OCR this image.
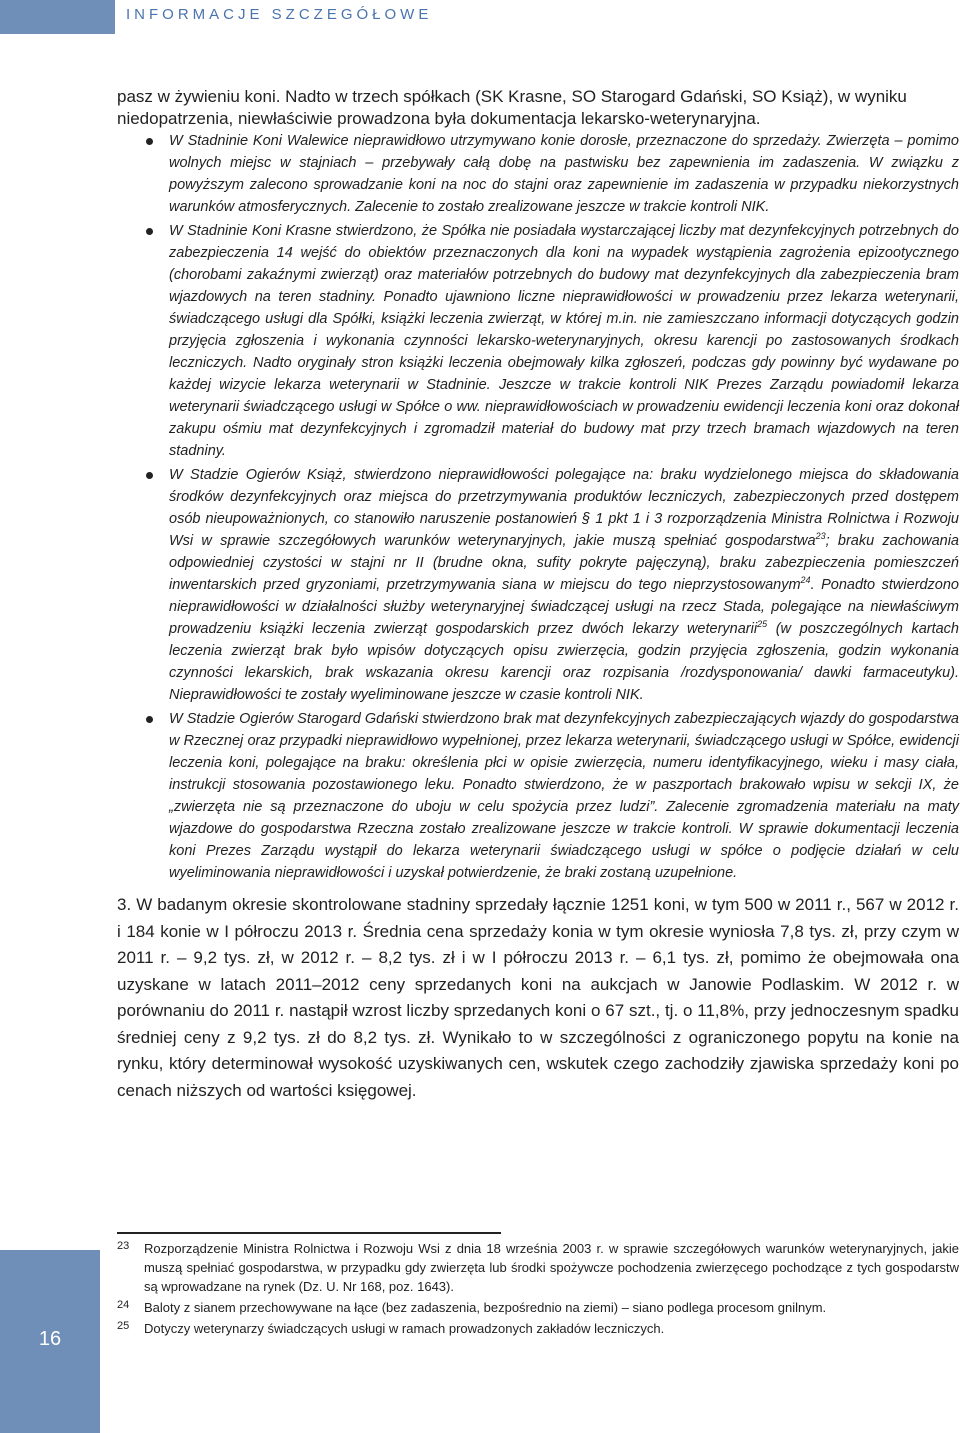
INFORMACJE SZCZEGÓŁOWE

pasz w żywieniu koni. Nadto w trzech spółkach (SK Krasne, SO Starogard Gdański, SO Książ), w wyniku niedopatrzenia, niewłaściwie prowadzona była dokumentacja lekarsko-weterynaryjna.

W Stadninie Koni Walewice nieprawidłowo utrzymywano konie dorosłe, przeznaczone do sprzedaży. Zwierzęta – pomimo wolnych miejsc w stajniach – przebywały całą dobę na pastwisku bez zapewnienia im zadaszenia. W związku z powyższym zalecono sprowadzanie koni na noc do stajni oraz zapewnienie im zadaszenia w przypadku niekorzystnych warunków atmosferycznych. Zalecenie to zostało zrealizowane jeszcze w trakcie kontroli NIK.
W Stadninie Koni Krasne stwierdzono, że Spółka nie posiadała wystarczającej liczby mat dezynfekcyjnych potrzebnych do zabezpieczenia 14 wejść do obiektów przeznaczonych dla koni na wypadek wystąpienia zagrożenia epizootycznego (chorobami zakaźnymi zwierząt) oraz materiałów potrzebnych do budowy mat dezynfekcyjnych dla zabezpieczenia bram wjazdowych na teren stadniny. Ponadto ujawniono liczne nieprawidłowości w prowadzeniu przez lekarza weterynarii, świadczącego usługi dla Spółki, książki leczenia zwierząt, w której m.in. nie zamieszczano informacji dotyczących godzin przyjęcia zgłoszenia i wykonania czynności lekarsko-weterynaryjnych, okresu karencji po zastosowanych środkach leczniczych. Nadto oryginały stron książki leczenia obejmowały kilka zgłoszeń, podczas gdy powinny być wydawane po każdej wizycie lekarza weterynarii w Stadninie. Jeszcze w trakcie kontroli NIK Prezes Zarządu powiadomił lekarza weterynarii świadczącego usługi w Spółce o ww. nieprawidłowościach w prowadzeniu ewidencji leczenia koni oraz dokonał zakupu ośmiu mat dezynfekcyjnych i zgromadził materiał do budowy mat przy trzech bramach wjazdowych na teren stadniny.
W Stadzie Ogierów Książ, stwierdzono nieprawidłowości polegające na: braku wydzielonego miejsca do składowania środków dezynfekcyjnych oraz miejsca do przetrzymywania produktów leczniczych, zabezpieczonych przed dostępem osób nieupoważnionych, co stanowiło naruszenie postanowień § 1 pkt 1 i 3 rozporządzenia Ministra Rolnictwa i Rozwoju Wsi w sprawie szczegółowych warunków weterynaryjnych, jakie muszą spełniać gospodarstwa$^{23}$; braku zachowania odpowiedniej czystości w stajni nr II (brudne okna, sufity pokryte pajęczyną), braku zabezpieczenia pomieszczeń inwentarskich przed gryzoniami, przetrzymywania siana w miejscu do tego nieprzystosowanym$^{24}$. Ponadto stwierdzono nieprawidłowości w działalności służby weterynaryjnej świadczącej usługi na rzecz Stada, polegające na niewłaściwym prowadzeniu książki leczenia zwierząt gospodarskich przez dwóch lekarzy weterynarii$^{25}$ (w poszczególnych kartach leczenia zwierząt brak było wpisów dotyczących opisu zwierzęcia, godzin przyjęcia zgłoszenia, godzin wykonania czynności lekarskich, brak wskazania okresu karencji oraz rozpisania /rozdysponowania/ dawki farmaceutyku). Nieprawidłowości te zostały wyeliminowane jeszcze w czasie kontroli NIK.
W Stadzie Ogierów Starogard Gdański stwierdzono brak mat dezynfekcyjnych zabezpieczających wjazdy do gospodarstwa w Rzecznej oraz przypadki nieprawidłowo wypełnionej, przez lekarza weterynarii, świadczącego usługi w Spółce, ewidencji leczenia koni, polegające na braku: określenia płci w opisie zwierzęcia, numeru identyfikacyjnego, wieku i masy ciała, instrukcji stosowania pozostawionego leku. Ponadto stwierdzono, że w paszportach brakowało wpisu w sekcji IX, że „zwierzęta nie są przeznaczone do uboju w celu spożycia przez ludzi”. Zalecenie zgromadzenia materiału na maty wjazdowe do gospodarstwa Rzeczna zostało zrealizowane jeszcze w trakcie kontroli. W sprawie dokumentacji leczenia koni Prezes Zarządu wystąpił do lekarza weterynarii świadczącego usługi w spółce o podjęcie działań w celu wyeliminowania nieprawidłowości i uzyskał potwierdzenie, że braki zostaną uzupełnione.

3. W badanym okresie skontrolowane stadniny sprzedały łącznie 1251 koni, w tym 500 w 2011 r., 567 w 2012 r. i 184 konie w I półroczu 2013 r. Średnia cena sprzedaży konia w tym okresie wyniosła 7,8 tys. zł, przy czym w 2011 r. – 9,2 tys. zł, w 2012 r. – 8,2 tys. zł i w I półroczu 2013 r. – 6,1 tys. zł, pomimo że obejmowała ona uzyskane w latach 2011–2012 ceny sprzedanych koni na aukcjach w Janowie Podlaskim. W 2012 r. w porównaniu do 2011 r. nastąpił wzrost liczby sprzedanych koni o 67 szt., tj. o 11,8%, przy jednoczesnym spadku średniej ceny z 9,2 tys. zł do 8,2 tys. zł. Wynikało to w szczególności z ograniczonego popytu na konie na rynku, który determinował wysokość uzyskiwanych cen, wskutek czego zachodziły zjawiska sprzedaży koni po cenach niższych od wartości księgowej.

23 Rozporządzenie Ministra Rolnictwa i Rozwoju Wsi z dnia 18 września 2003 r. w sprawie szczegółowych warunków weterynaryjnych, jakie muszą spełniać gospodarstwa, w przypadku gdy zwierzęta lub środki spożywcze pochodzenia zwierzęcego pochodzące z tych gospodarstw są wprowadzane na rynek (Dz. U. Nr 168, poz. 1643).
24 Baloty z sianem przechowywane na łące (bez zadaszenia, bezpośrednio na ziemi) – siano podlega procesom gnilnym.
25 Dotyczy weterynarzy świadczących usługi w ramach prowadzonych zakładów leczniczych.
16
